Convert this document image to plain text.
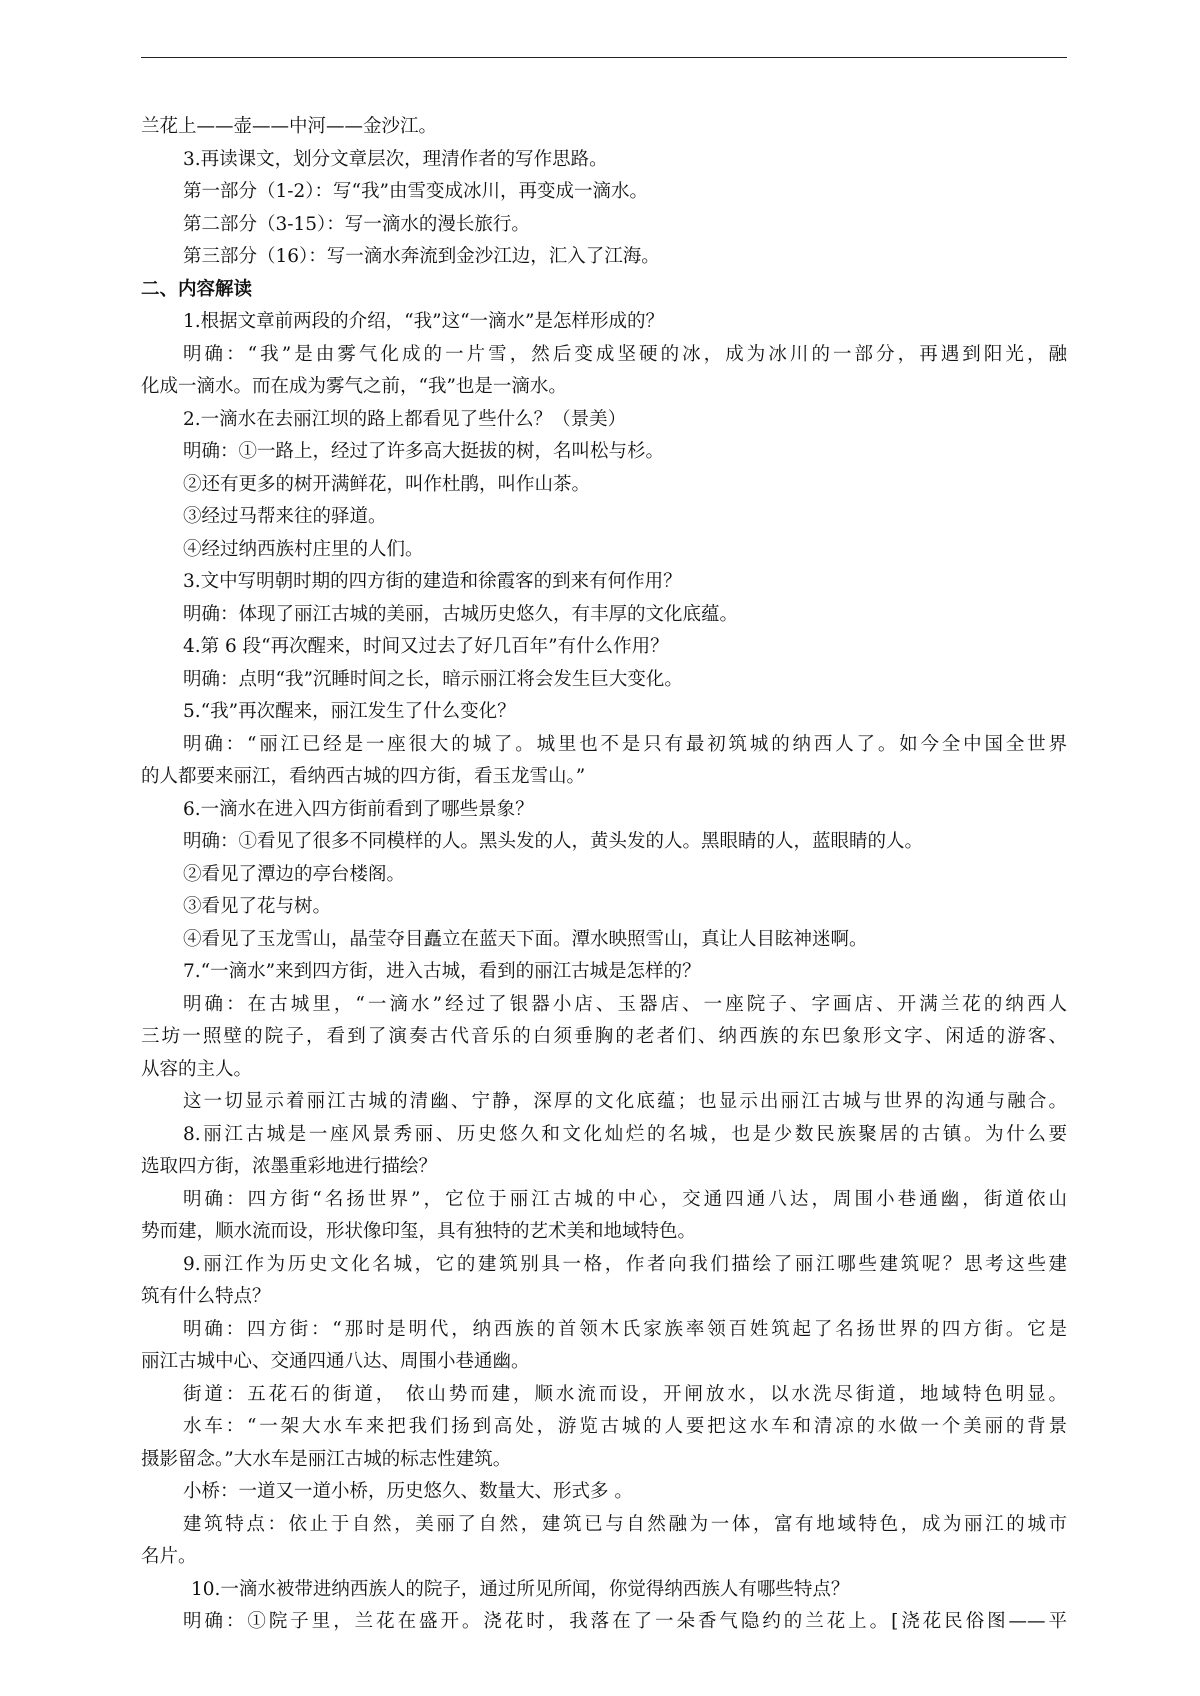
兰花上——壶——中河——金沙江。
3.再读课文，划分文章层次，理清作者的写作思路。
第一部分（1-2）：写“我”由雪变成冰川，再变成一滴水。
第二部分（3-15）：写一滴水的漫长旅行。
第三部分（16）：写一滴水奔流到金沙江边，汇入了江海。
二、内容解读
1.根据文章前两段的介绍，“我”这“一滴水”是怎样形成的？
明确：“我”是由雾气化成的一片雪，然后变成坚硬的冰，成为冰川的一部分，再遇到阳光，融
化成一滴水。而在成为雾气之前，“我”也是一滴水。
2.一滴水在去丽江坝的路上都看见了些什么？（景美）
明确：①一路上，经过了许多高大挺拔的树，名叫松与杉。
②还有更多的树开满鲜花，叫作杜鹃，叫作山茶。
③经过马帮来往的驿道。
④经过纳西族村庄里的人们。
3.文中写明朝时期的四方街的建造和徐霞客的到来有何作用？
明确：体现了丽江古城的美丽，古城历史悠久，有丰厚的文化底蕴。
4.第 6 段“再次醒来，时间又过去了好几百年”有什么作用？
明确：点明“我”沉睡时间之长，暗示丽江将会发生巨大变化。
5.“我”再次醒来，丽江发生了什么变化？
明确：“丽江已经是一座很大的城了。城里也不是只有最初筑城的纳西人了。如今全中国全世界
的人都要来丽江，看纳西古城的四方街，看玉龙雪山。”
6.一滴水在进入四方街前看到了哪些景象？
明确：①看见了很多不同模样的人。黑头发的人，黄头发的人。黑眼睛的人，蓝眼睛的人。
②看见了潭边的亭台楼阁。
③看见了花与树。
④看见了玉龙雪山，晶莹夺目矗立在蓝天下面。潭水映照雪山，真让人目眩神迷啊。
7.“一滴水”来到四方街，进入古城，看到的丽江古城是怎样的？
明确：在古城里，“一滴水”经过了银器小店、玉器店、一座院子、字画店、开满兰花的纳西人
三坊一照壁的院子，看到了演奏古代音乐的白须垂胸的老者们、纳西族的东巴象形文字、闲适的游客、
从容的主人。
这一切显示着丽江古城的清幽、宁静，深厚的文化底蕴；也显示出丽江古城与世界的沟通与融合。
8.丽江古城是一座风景秀丽、历史悠久和文化灿烂的名城，也是少数民族聚居的古镇。为什么要
选取四方街，浓墨重彩地进行描绘？
明确：四方街“名扬世界”，它位于丽江古城的中心，交通四通八达，周围小巷通幽，街道依山
势而建，顺水流而设，形状像印玺，具有独特的艺术美和地域特色。
9.丽江作为历史文化名城，它的建筑别具一格，作者向我们描绘了丽江哪些建筑呢？思考这些建
筑有什么特点？
明确：四方街：“那时是明代，纳西族的首领木氏家族率领百姓筑起了名扬世界的四方街。它是
丽江古城中心、交通四通八达、周围小巷通幽。
街道：五花石的街道， 依山势而建，顺水流而设，开闸放水，以水洗尽街道，地域特色明显。
水车：“一架大水车来把我们扬到高处，游览古城的人要把这水车和清凉的水做一个美丽的背景
摄影留念。”大水车是丽江古城的标志性建筑。
小桥：一道又一道小桥，历史悠久、数量大、形式多 。
建筑特点：依止于自然，美丽了自然，建筑已与自然融为一体，富有地域特色，成为丽江的城市
名片。
10.一滴水被带进纳西族人的院子，通过所见所闻，你觉得纳西族人有哪些特点？
明确：①院子里，兰花在盛开。浇花时，我落在了一朵香气隐约的兰花上。[浇花民俗图——平
